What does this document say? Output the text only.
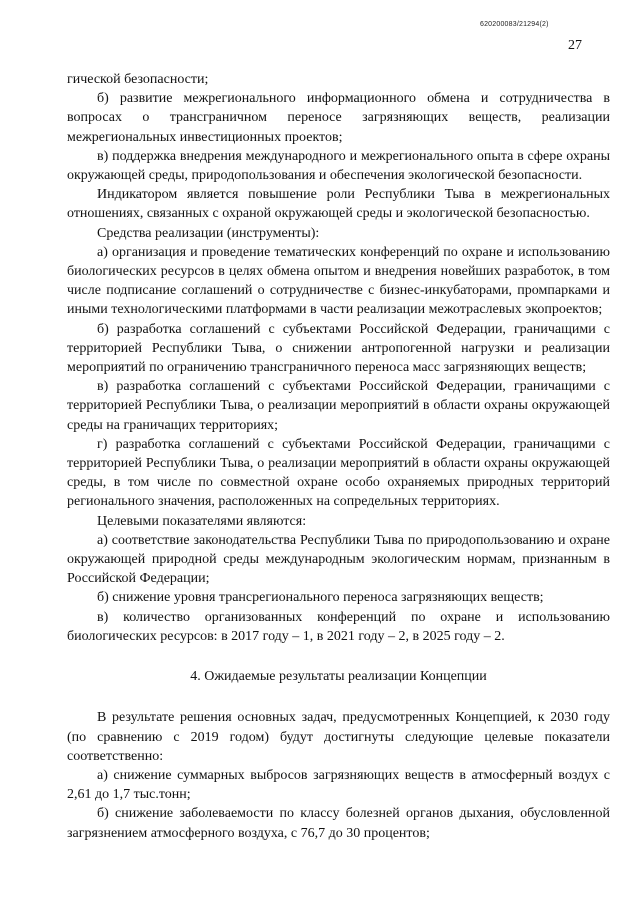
620200083/21294(2)
27

гической безопасности;

б) развитие межрегионального информационного обмена и сотрудничества в вопросах о трансграничном переносе загрязняющих веществ, реализации межрегиональных инвестиционных проектов;

в) поддержка внедрения международного и межрегионального опыта в сфере охраны окружающей среды, природопользования и обеспечения экологической безопасности.

Индикатором является повышение роли Республики Тыва в межрегиональных отношениях, связанных с охраной окружающей среды и экологической безопасностью.

Средства реализации (инструменты):

а) организация и проведение тематических конференций по охране и использованию биологических ресурсов в целях обмена опытом и внедрения новейших разработок, в том числе подписание соглашений о сотрудничестве с бизнес-инкубаторами, промпарками и иными технологическими платформами в части реализации межотраслевых экопроектов;

б) разработка соглашений с субъектами Российской Федерации, граничащими с территорией Республики Тыва, о снижении антропогенной нагрузки и реализации мероприятий по ограничению трансграничного переноса масс загрязняющих веществ;

в) разработка соглашений с субъектами Российской Федерации, граничащими с территорией Республики Тыва, о реализации мероприятий в области охраны окружающей среды на граничащих территориях;

г) разработка соглашений с субъектами Российской Федерации, граничащими с территорией Республики Тыва, о реализации мероприятий в области охраны окружающей среды, в том числе по совместной охране особо охраняемых природных территорий регионального значения, расположенных на сопредельных территориях.

Целевыми показателями являются:

а) соответствие законодательства Республики Тыва по природопользованию и охране окружающей природной среды международным экологическим нормам, признанным в Российской Федерации;

б) снижение уровня трансрегионального переноса загрязняющих веществ;

в) количество организованных конференций по охране и использованию биологических ресурсов: в 2017 году – 1, в 2021 году – 2, в 2025 году – 2.

4. Ожидаемые результаты реализации Концепции

В результате решения основных задач, предусмотренных Концепцией, к 2030 году (по сравнению с 2019 годом) будут достигнуты следующие целевые показатели соответственно:

а) снижение суммарных выбросов загрязняющих веществ в атмосферный воздух с 2,61 до 1,7 тыс.тонн;

б) снижение заболеваемости по классу болезней органов дыхания, обусловленной загрязнением атмосферного воздуха, с 76,7 до 30 процентов;
